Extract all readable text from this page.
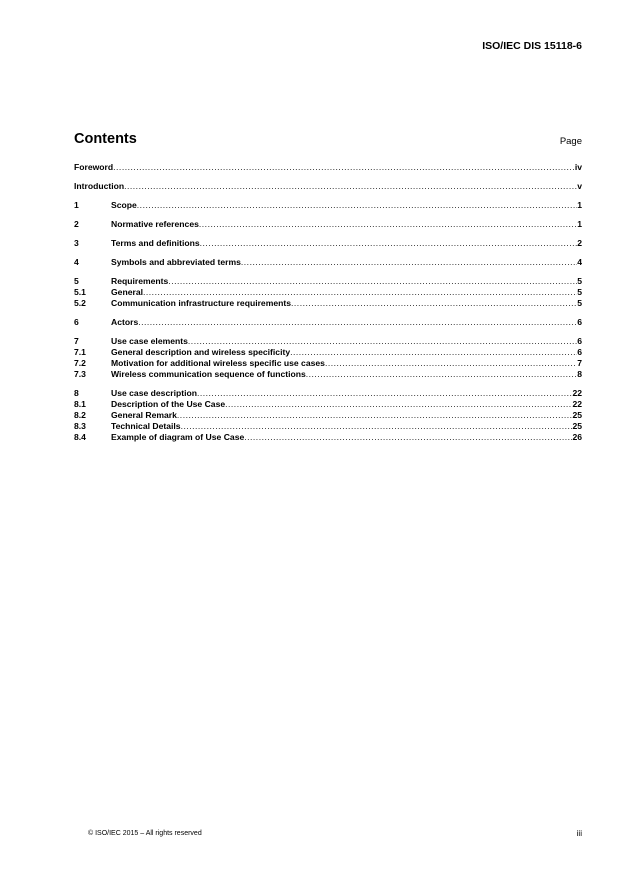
ISO/IEC DIS 15118-6
Contents	Page
Foreword .....	iv
Introduction .....	v
1	Scope .....	1
2	Normative references .....	1
3	Terms and definitions .....	2
4	Symbols and abbreviated terms .....	4
5	Requirements .....	5
5.1	General .....	5
5.2	Communication infrastructure requirements .....	5
6	Actors .....	6
7	Use case elements .....	6
7.1	General description and wireless specificity .....	6
7.2	Motivation for additional wireless specific use cases .....	7
7.3	Wireless communication sequence of functions .....	8
8	Use case description .....	22
8.1	Description of the Use Case .....	22
8.2	General Remark .....	25
8.3	Technical Details .....	25
8.4	Example of diagram of Use Case .....	26
© ISO/IEC 2015 – All rights reserved	iii
